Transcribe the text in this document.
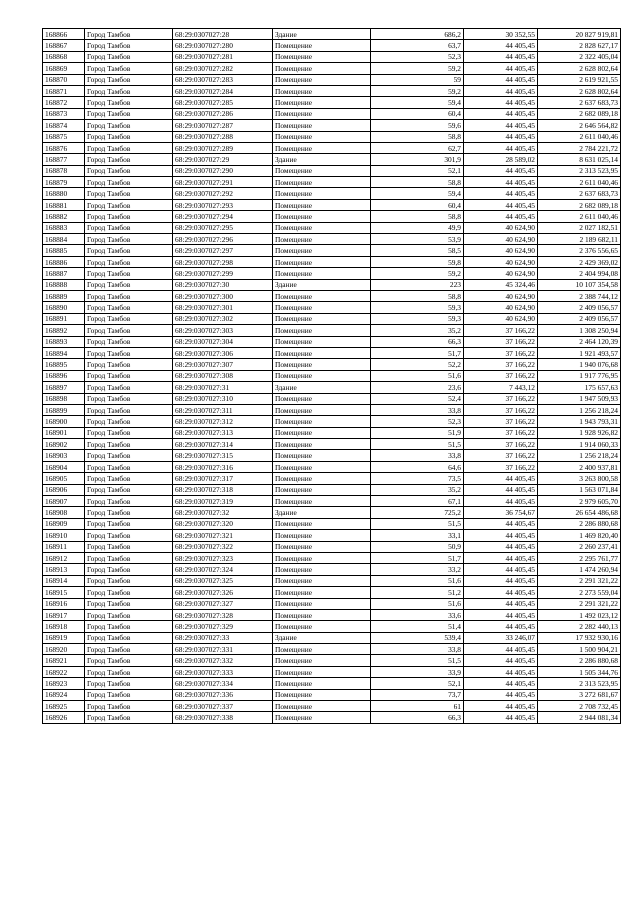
168866	Город Тамбов	68:29:0307027:28	Здание	686,2	30 352,55	20 827 919,81
168867	Город Тамбов	68:29:0307027:280	Помещение	63,7	44 405,45	2 828 627,17
168868	Город Тамбов	68:29:0307027:281	Помещение	52,3	44 405,45	2 322 405,04
168869	Город Тамбов	68:29:0307027:282	Помещение	59,2	44 405,45	2 628 802,64
168870	Город Тамбов	68:29:0307027:283	Помещение	59	44 405,45	2 619 921,55
168871	Город Тамбов	68:29:0307027:284	Помещение	59,2	44 405,45	2 628 802,64
168872	Город Тамбов	68:29:0307027:285	Помещение	59,4	44 405,45	2 637 683,73
168873	Город Тамбов	68:29:0307027:286	Помещение	60,4	44 405,45	2 682 089,18
168874	Город Тамбов	68:29:0307027:287	Помещение	59,6	44 405,45	2 646 564,82
168875	Город Тамбов	68:29:0307027:288	Помещение	58,8	44 405,45	2 611 040,46
168876	Город Тамбов	68:29:0307027:289	Помещение	62,7	44 405,45	2 784 221,72
168877	Город Тамбов	68:29:0307027:29	Здание	301,9	28 589,02	8 631 025,14
168878	Город Тамбов	68:29:0307027:290	Помещение	52,1	44 405,45	2 313 523,95
168879	Город Тамбов	68:29:0307027:291	Помещение	58,8	44 405,45	2 611 040,46
168880	Город Тамбов	68:29:0307027:292	Помещение	59,4	44 405,45	2 637 683,73
168881	Город Тамбов	68:29:0307027:293	Помещение	60,4	44 405,45	2 682 089,18
168882	Город Тамбов	68:29:0307027:294	Помещение	58,8	44 405,45	2 611 040,46
168883	Город Тамбов	68:29:0307027:295	Помещение	49,9	40 624,90	2 027 182,51
168884	Город Тамбов	68:29:0307027:296	Помещение	53,9	40 624,90	2 189 682,11
168885	Город Тамбов	68:29:0307027:297	Помещение	58,5	40 624,90	2 376 556,65
168886	Город Тамбов	68:29:0307027:298	Помещение	59,8	40 624,90	2 429 369,02
168887	Город Тамбов	68:29:0307027:299	Помещение	59,2	40 624,90	2 404 994,08
168888	Город Тамбов	68:29:0307027:30	Здание	223	45 324,46	10 107 354,58
168889	Город Тамбов	68:29:0307027:300	Помещение	58,8	40 624,90	2 388 744,12
168890	Город Тамбов	68:29:0307027:301	Помещение	59,3	40 624,90	2 409 056,57
168891	Город Тамбов	68:29:0307027:302	Помещение	59,3	40 624,90	2 409 056,57
168892	Город Тамбов	68:29:0307027:303	Помещение	35,2	37 166,22	1 308 250,94
168893	Город Тамбов	68:29:0307027:304	Помещение	66,3	37 166,22	2 464 120,39
168894	Город Тамбов	68:29:0307027:306	Помещение	51,7	37 166,22	1 921 493,57
168895	Город Тамбов	68:29:0307027:307	Помещение	52,2	37 166,22	1 940 076,68
168896	Город Тамбов	68:29:0307027:308	Помещение	51,6	37 166,22	1 917 776,95
168897	Город Тамбов	68:29:0307027:31	Здание	23,6	7 443,12	175 657,63
168898	Город Тамбов	68:29:0307027:310	Помещение	52,4	37 166,22	1 947 509,93
168899	Город Тамбов	68:29:0307027:311	Помещение	33,8	37 166,22	1 256 218,24
168900	Город Тамбов	68:29:0307027:312	Помещение	52,3	37 166,22	1 943 793,31
168901	Город Тамбов	68:29:0307027:313	Помещение	51,9	37 166,22	1 928 926,82
168902	Город Тамбов	68:29:0307027:314	Помещение	51,5	37 166,22	1 914 060,33
168903	Город Тамбов	68:29:0307027:315	Помещение	33,8	37 166,22	1 256 218,24
168904	Город Тамбов	68:29:0307027:316	Помещение	64,6	37 166,22	2 400 937,81
168905	Город Тамбов	68:29:0307027:317	Помещение	73,5	44 405,45	3 263 800,58
168906	Город Тамбов	68:29:0307027:318	Помещение	35,2	44 405,45	1 563 071,84
168907	Город Тамбов	68:29:0307027:319	Помещение	67,1	44 405,45	2 979 605,70
168908	Город Тамбов	68:29:0307027:32	Здание	725,2	36 754,67	26 654 486,68
168909	Город Тамбов	68:29:0307027:320	Помещение	51,5	44 405,45	2 286 880,68
168910	Город Тамбов	68:29:0307027:321	Помещение	33,1	44 405,45	1 469 820,40
168911	Город Тамбов	68:29:0307027:322	Помещение	50,9	44 405,45	2 260 237,41
168912	Город Тамбов	68:29:0307027:323	Помещение	51,7	44 405,45	2 295 761,77
168913	Город Тамбов	68:29:0307027:324	Помещение	33,2	44 405,45	1 474 260,94
168914	Город Тамбов	68:29:0307027:325	Помещение	51,6	44 405,45	2 291 321,22
168915	Город Тамбов	68:29:0307027:326	Помещение	51,2	44 405,45	2 273 559,04
168916	Город Тамбов	68:29:0307027:327	Помещение	51,6	44 405,45	2 291 321,22
168917	Город Тамбов	68:29:0307027:328	Помещение	33,6	44 405,45	1 492 023,12
168918	Город Тамбов	68:29:0307027:329	Помещение	51,4	44 405,45	2 282 440,13
168919	Город Тамбов	68:29:0307027:33	Здание	539,4	33 246,07	17 932 930,16
168920	Город Тамбов	68:29:0307027:331	Помещение	33,8	44 405,45	1 500 904,21
168921	Город Тамбов	68:29:0307027:332	Помещение	51,5	44 405,45	2 286 880,68
168922	Город Тамбов	68:29:0307027:333	Помещение	33,9	44 405,45	1 505 344,76
168923	Город Тамбов	68:29:0307027:334	Помещение	52,1	44 405,45	2 313 523,95
168924	Город Тамбов	68:29:0307027:336	Помещение	73,7	44 405,45	3 272 681,67
168925	Город Тамбов	68:29:0307027:337	Помещение	61	44 405,45	2 708 732,45
168926	Город Тамбов	68:29:0307027:338	Помещение	66,3	44 405,45	2 944 081,34
